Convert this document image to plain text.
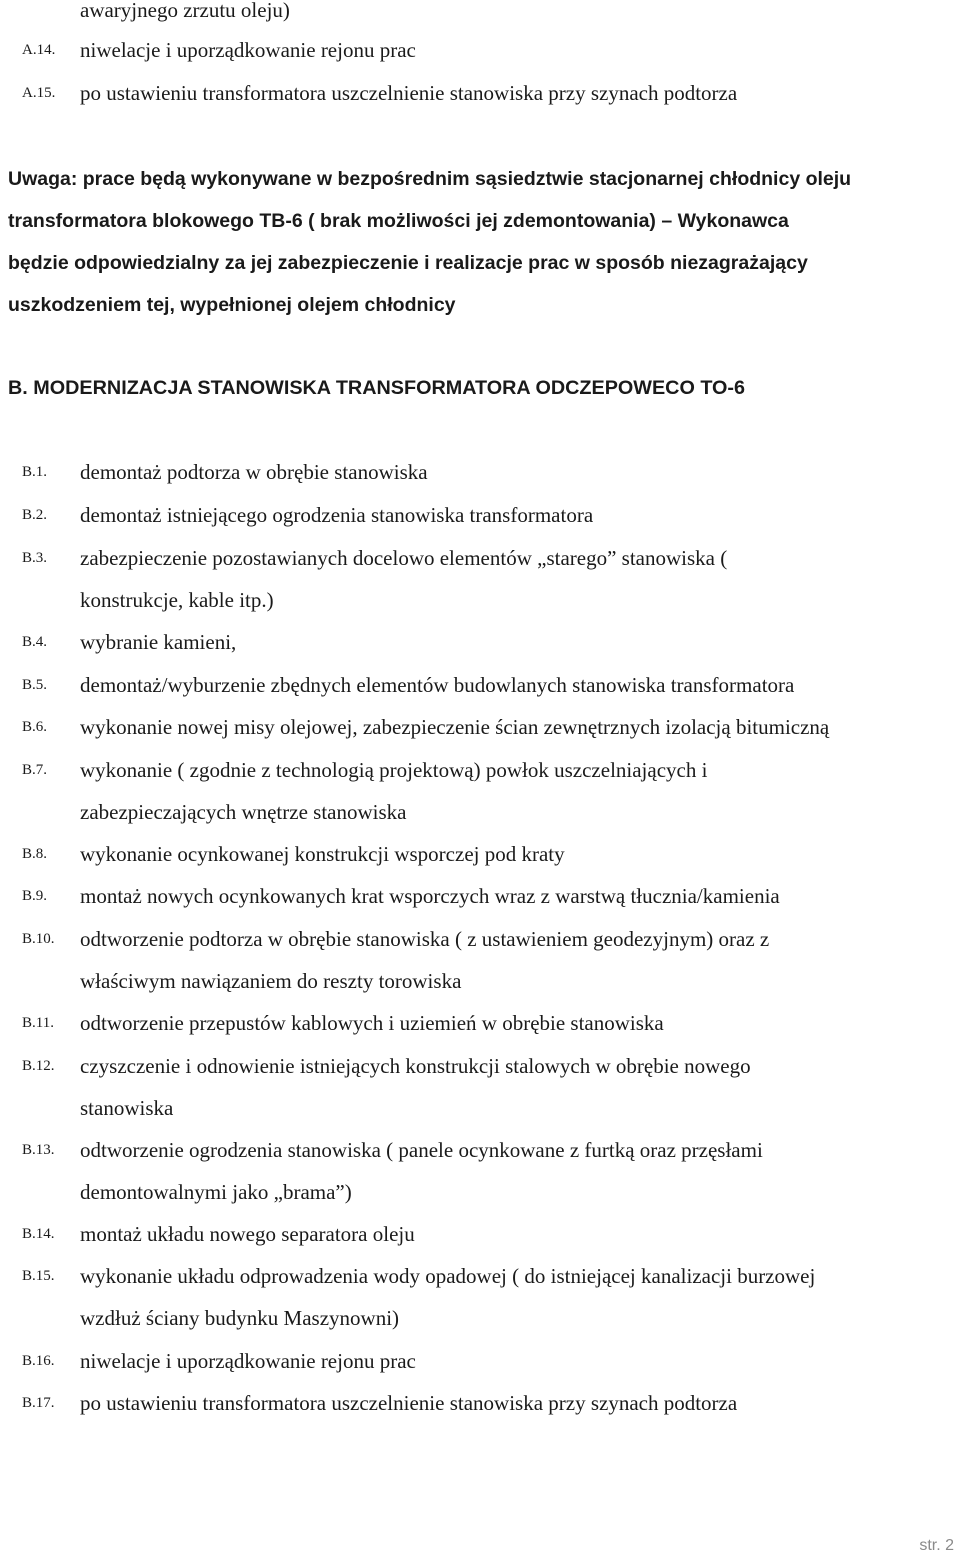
awaryjnego zrzutu oleju)
A.14. niwelacje i uporządkowanie rejonu prac
A.15. po ustawieniu transformatora uszczelnienie stanowiska przy szynach podtorza
Uwaga: prace będą wykonywane w bezpośrednim sąsiedztwie stacjonarnej chłodnicy oleju
transformatora blokowego TB-6 ( brak możliwości jej zdemontowania) – Wykonawca
będzie odpowiedzialny za jej zabezpieczenie i realizacje prac w sposób niezagrażający
uszkodzeniem tej, wypełnionej olejem chłodnicy
B. MODERNIZACJA STANOWISKA TRANSFORMATORA ODCZEPOWECO TO-6
B.1. demontaż podtorza w obrębie stanowiska
B.2. demontaż istniejącego ogrodzenia stanowiska transformatora
B.3. zabezpieczenie pozostawianych docelowo elementów „starego” stanowiska (
konstrukcje, kable itp.)
B.4. wybranie kamieni,
B.5. demontaż/wyburzenie zbędnych elementów budowlanych stanowiska transformatora
B.6. wykonanie nowej misy olejowej, zabezpieczenie ścian zewnętrznych izolacją bitumiczną
B.7. wykonanie ( zgodnie z technologią projektową) powłok uszczelniających i
zabezpieczających wnętrze stanowiska
B.8. wykonanie ocynkowanej konstrukcji wsporczej pod kraty
B.9. montaż nowych ocynkowanych krat wsporczych wraz z warstwą tłucznia/kamienia
B.10. odtworzenie podtorza w obrębie stanowiska ( z ustawieniem geodezyjnym) oraz z
właściwym nawiązaniem do reszty torowiska
B.11. odtworzenie przepustów kablowych i uziemień w obrębie stanowiska
B.12. czyszczenie i odnowienie istniejących konstrukcji stalowych w obrębie nowego
stanowiska
B.13. odtworzenie ogrodzenia stanowiska ( panele ocynkowane z furtką oraz przęsłami
demontowalnymi jako „brama”)
B.14. montaż układu nowego separatora oleju
B.15. wykonanie układu odprowadzenia wody opadowej ( do istniejącej kanalizacji burzowej
wzdłuż ściany budynku Maszynowni)
B.16. niwelacje i uporządkowanie rejonu prac
B.17. po ustawieniu transformatora uszczelnienie stanowiska przy szynach podtorza
str. 2
